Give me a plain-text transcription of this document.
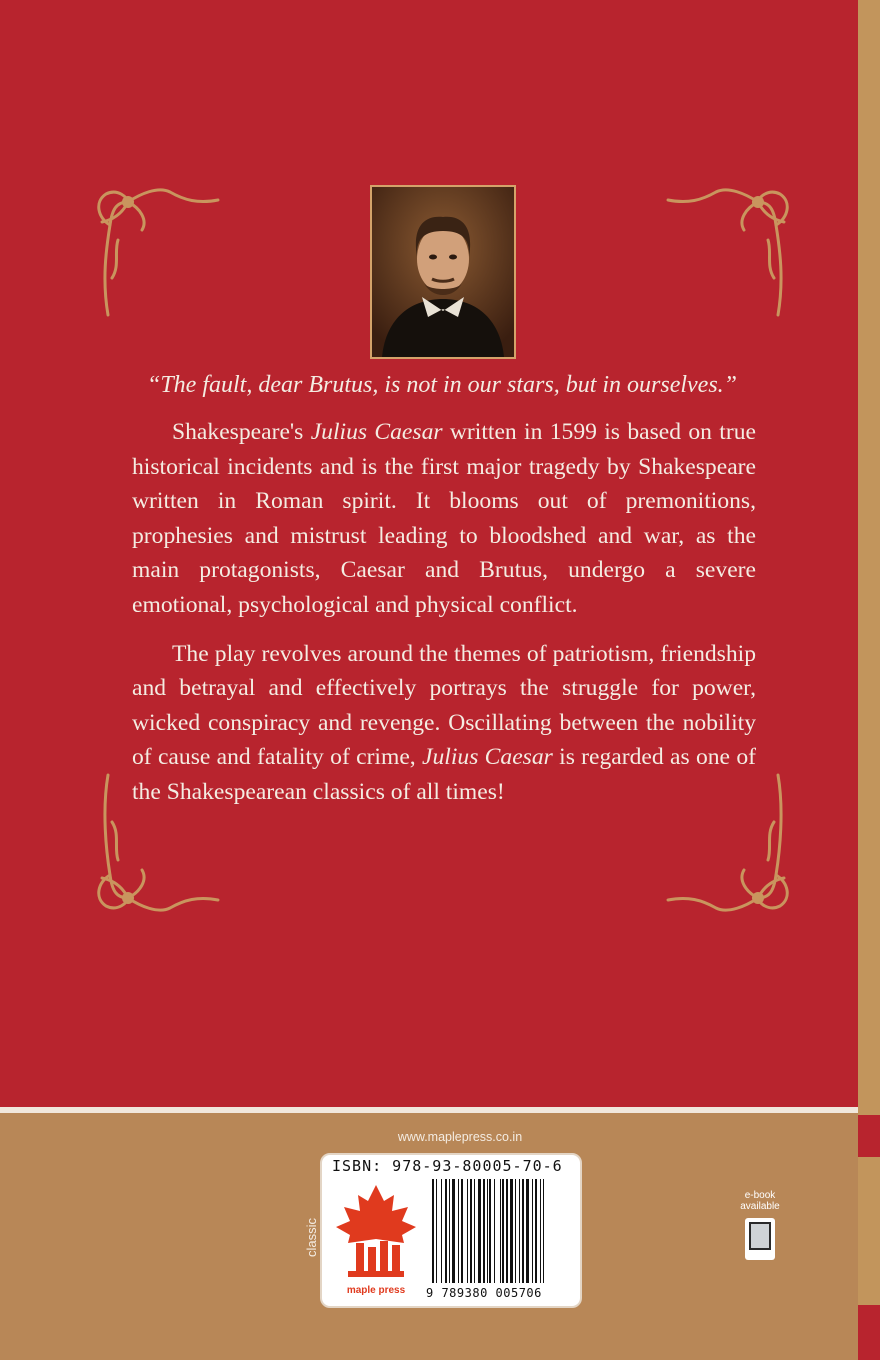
“The fault, dear Brutus, is not in our stars, but in ourselves.”

Shakespeare's Julius Caesar written in 1599 is based on true historical incidents and is the first major tragedy by Shakespeare written in Roman spirit. It blooms out of premonitions, prophesies and mistrust leading to bloodshed and war, as the main protagonists, Caesar and Brutus, undergo a severe emotional, psychological and physical conflict.

The play revolves around the themes of patriotism, friendship and betrayal and effectively portrays the struggle for power, wicked conspiracy and revenge. Oscillating between the nobility of cause and fatality of crime, Julius Caesar is regarded as one of the Shakespearean classics of all times!

www.maplepress.co.in

classic

ISBN: 978-93-80005-70-6

maple press	9 789380 005706

e-book available
